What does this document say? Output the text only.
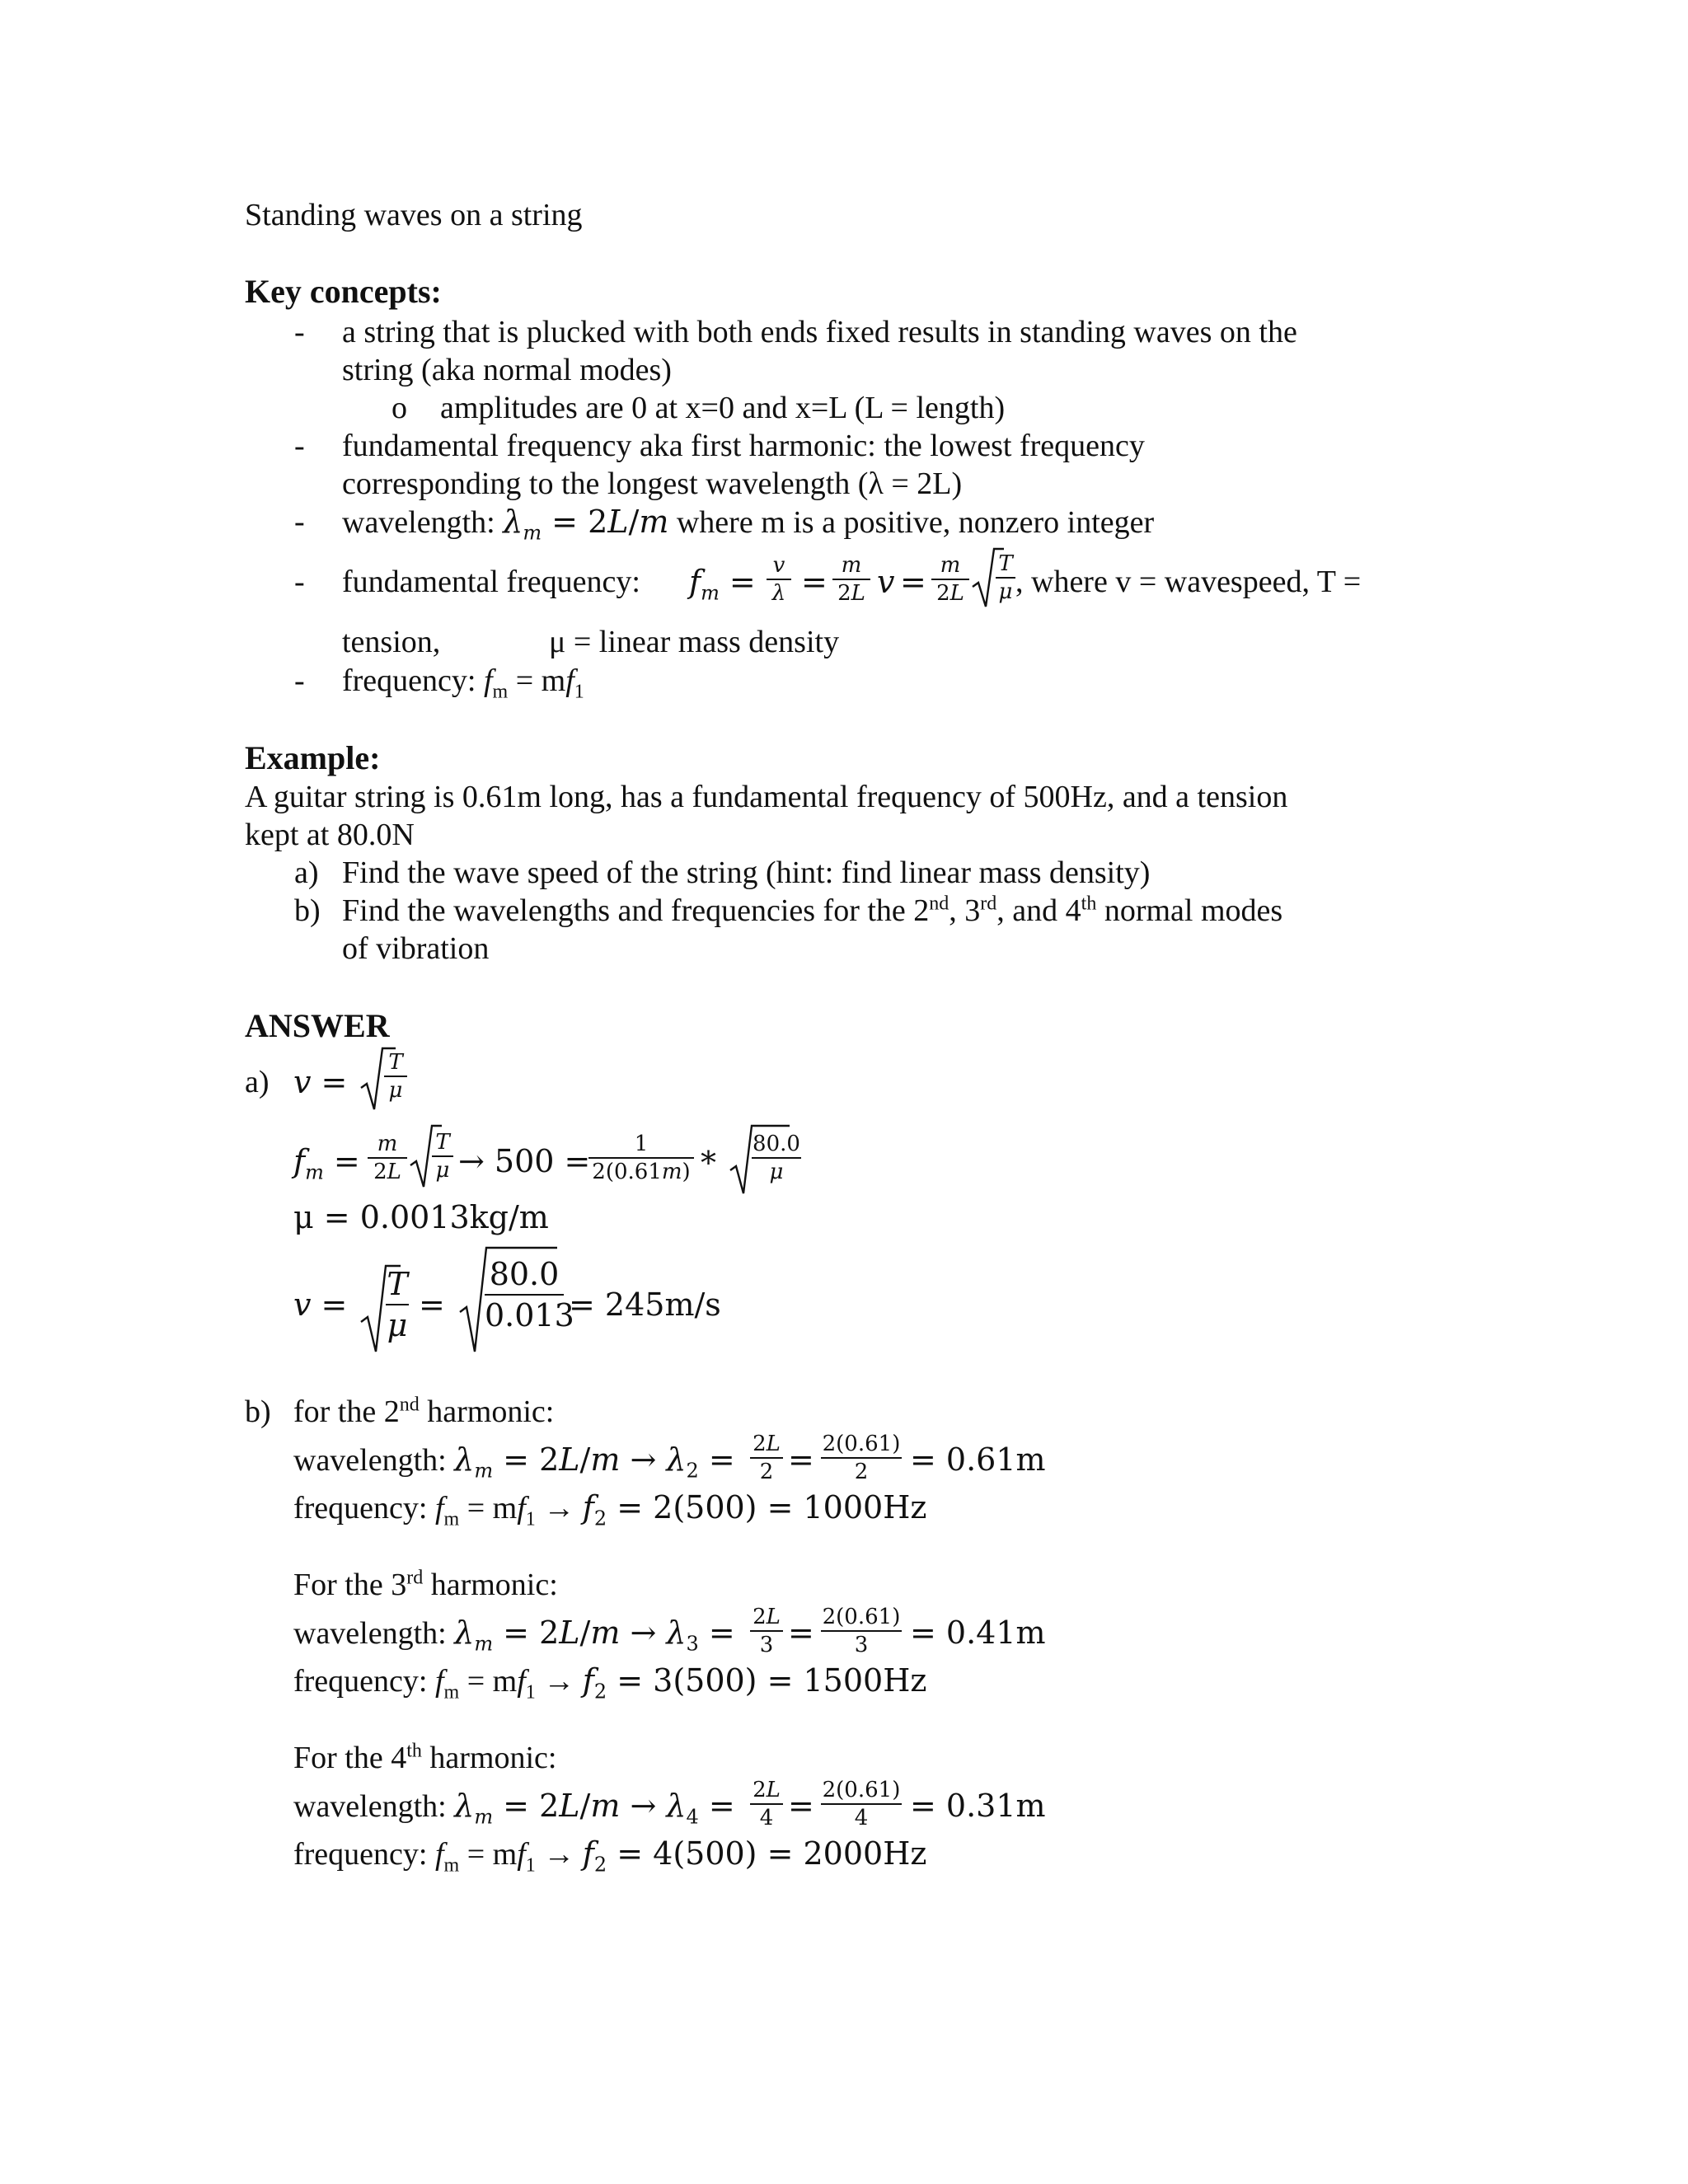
Standing waves on a string
Key concepts:
- a string that is plucked with both ends fixed results in standing waves on the
string (aka normal modes)
o amplitudes are 0 at x=0 and x=L (L = length)
- fundamental frequency aka first harmonic: the lowest frequency
corresponding to the longest wavelength (λ = 2L)
- wavelength: $\lambda_m = 2L/m$ where m is a positive, nonzero integer
- fundamental frequency: $f_m = v$
λ = m
2L v = m
2L
T
μ , where v = wavespeed, T =
tension,	μ = linear mass density
- frequency: $f_m = mf_1$
Example:
A guitar string is 0.61m long, has a fundamental frequency of 500Hz, and a tension
kept at 80.0N
a) Find the wave speed of the string (hint: find linear mass density)
b) Find the wavelengths and frequencies for the 2nd, 3rd, and 4th normal modes
of vibration
ANSWER
a) v =
T
μ
$f_m = m$
2L
T
μ → 500 =	1
2(0.61m) *
80.0
μ
μ = 0.0013kg/m
v =
T
μ
=
80.0
0.013
= 245m/s
b) for the 2nd harmonic:
wavelength: $\lambda_m = 2L/m \to \lambda_2 = 2L$
2 = 2(0.61)
2	= 0.61m
frequency: $f_m = mf_1 \to f_2 = 2(500) = 1000Hz$
For the 3rd harmonic:
wavelength: $\lambda_m = 2L/m \to \lambda_3 = 2L$
3 = 2(0.61)
3	= 0.41m
frequency: $f_m = mf_1 \to f_2 = 3(500) = 1500Hz$
For the 4th harmonic:
wavelength: $\lambda_m = 2L/m \to \lambda_4 = 2L$
4 = 2(0.61)
4	= 0.31m
frequency: $f_m = mf_1 \to f_2 = 4(500) = 2000Hz$
